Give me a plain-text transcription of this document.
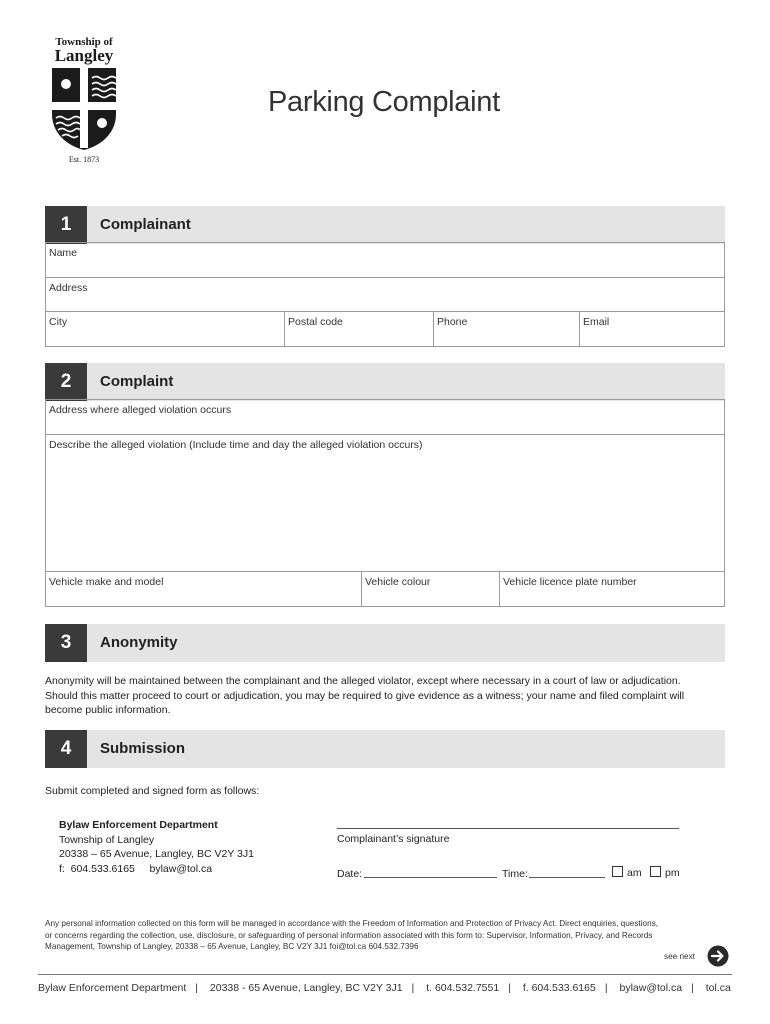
Township of
Langley
Est. 1873
Parking Complaint
1	Complainant
Name
Address
City	Postal code	Phone	Email
2	Complaint
Address where alleged violation occurs
Describe the alleged violation (Include time and day the alleged violation occurs)
Vehicle make and model	Vehicle colour	Vehicle licence plate number
3	Anonymity
Anonymity will be maintained between the complainant and the alleged violator, except where necessary in a court of law or adjudication.
Should this matter proceed to court or adjudication, you may be required to give evidence as a witness; your name and filed complaint will
become public information.
4	Submission
Submit completed and signed form as follows:
Bylaw Enforcement Department
Township of Langley
20338 – 65 Avenue, Langley, BC V2Y 3J1
f:  604.533.6165     bylaw@tol.ca
Complainant’s signature
Date:	Time:	am	pm
Any personal information collected on this form will be managed in accordance with the Freedom of Information and Protection of Privacy Act. Direct enquiries, questions,
or concerns regarding the collection, use, disclosure, or safeguarding of personal information associated with this form to: Supervisor, Information, Privacy, and Records
Management, Township of Langley, 20338 – 65 Avenue, Langley, BC V2Y 3J1 foi@tol.ca 604.532.7396
see next
Bylaw Enforcement Department | 20338 - 65 Avenue, Langley, BC V2Y 3J1 | t. 604.532.7551 | f. 604.533.6165 | bylaw@tol.ca | tol.ca
